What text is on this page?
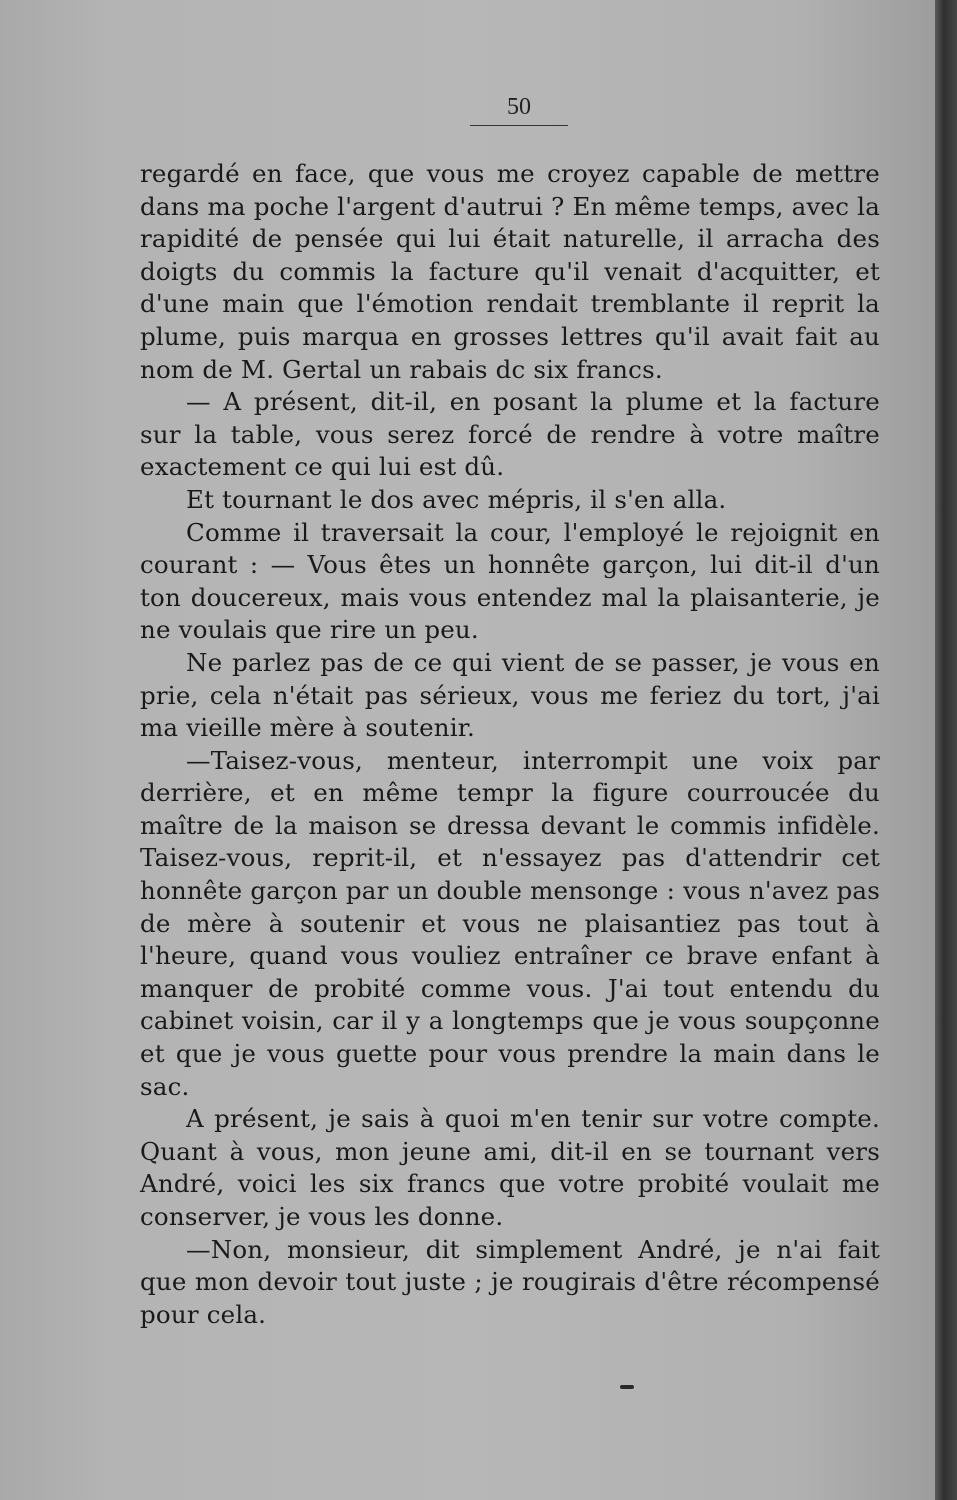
50

regardé en face, que vous me croyez capable de mettre dans ma poche l'argent d'autrui ? En même temps, avec la rapidité de pensée qui lui était naturelle, il arracha des doigts du commis la facture qu'il venait d'acquitter, et d'une main que l'émotion rendait tremblante il reprit la plume, puis marqua en grosses lettres qu'il avait fait au nom de M. Gertal un rabais dc six francs.

— A présent, dit-il, en posant la plume et la facture sur la table, vous serez forcé de rendre à votre maître exactement ce qui lui est dû.

Et tournant le dos avec mépris, il s'en alla.

Comme il traversait la cour, l'employé le rejoignit en courant : — Vous êtes un honnête garçon, lui dit-il d'un ton doucereux, mais vous entendez mal la plaisanterie, je ne voulais que rire un peu.

Ne parlez pas de ce qui vient de se passer, je vous en prie, cela n'était pas sérieux, vous me feriez du tort, j'ai ma vieille mère à soutenir.

—Taisez-vous, menteur, interrompit une voix par derrière, et en même tempr la figure courroucée du maître de la maison se dressa devant le commis infidèle. Taisez-vous, reprit-il, et n'essayez pas d'attendrir cet honnête garçon par un double mensonge : vous n'avez pas de mère à soutenir et vous ne plaisantiez pas tout à l'heure, quand vous vouliez entraîner ce brave enfant à manquer de probité comme vous. J'ai tout entendu du cabinet voisin, car il y a longtemps que je vous soupçonne et que je vous guette pour vous prendre la main dans le sac.

A présent, je sais à quoi m'en tenir sur votre compte. Quant à vous, mon jeune ami, dit-il en se tournant vers André, voici les six francs que votre probité voulait me conserver, je vous les donne.

—Non, monsieur, dit simplement André, je n'ai fait que mon devoir tout juste ; je rougirais d'être récompensé pour cela.
